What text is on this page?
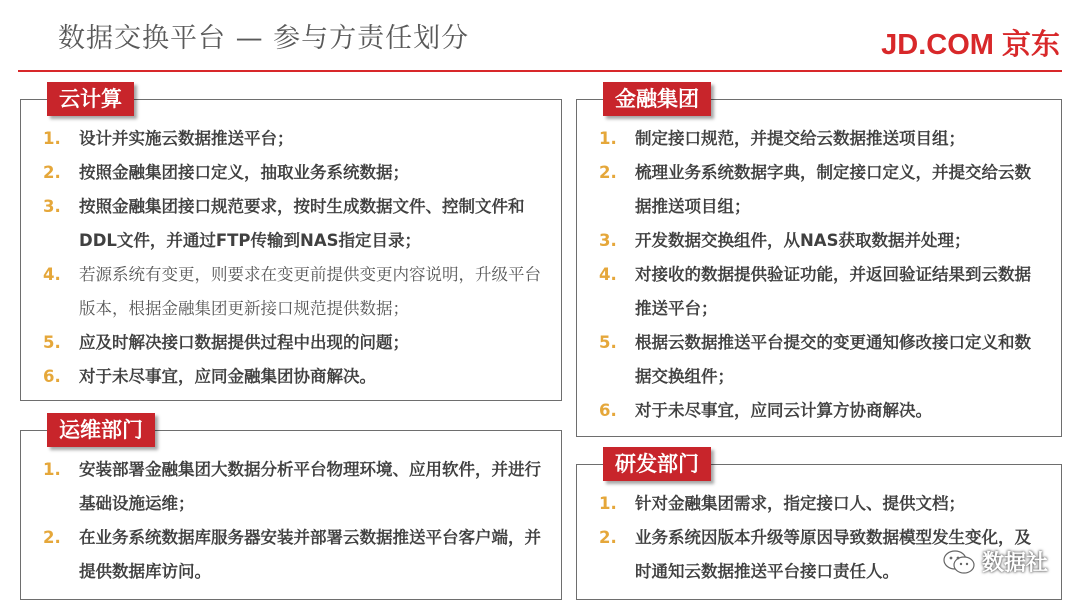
数据交换平台 — 参与方责任划分	JD.COM 京东
云计算
1.	设计并实施云数据推送平台；
2.	按照金融集团接口定义，抽取业务系统数据；
3.	按照金融集团接口规范要求，按时生成数据文件、控制文件和DDL文件，并通过FTP传输到NAS指定目录；
4.	若源系统有变更，则要求在变更前提供变更内容说明，升级平台版本，根据金融集团更新接口规范提供数据；
5.	应及时解决接口数据提供过程中出现的问题；
6.	对于未尽事宜，应同金融集团协商解决。
运维部门
1.	安装部署金融集团大数据分析平台物理环境、应用软件，并进行基础设施运维；
2.	在业务系统数据库服务器安装并部署云数据推送平台客户端，并提供数据库访问。
金融集团
1.	制定接口规范，并提交给云数据推送项目组；
2.	梳理业务系统数据字典，制定接口定义，并提交给云数据推送项目组；
3.	开发数据交换组件，从NAS获取数据并处理；
4.	对接收的数据提供验证功能，并返回验证结果到云数据推送平台；
5.	根据云数据推送平台提交的变更通知修改接口定义和数据交换组件；
6.	对于未尽事宜，应同云计算方协商解决。
研发部门
1.	针对金融集团需求，指定接口人、提供文档；
2.	业务系统因版本升级等原因导致数据模型发生变化，及时通知云数据推送平台接口责任人。	数据社
